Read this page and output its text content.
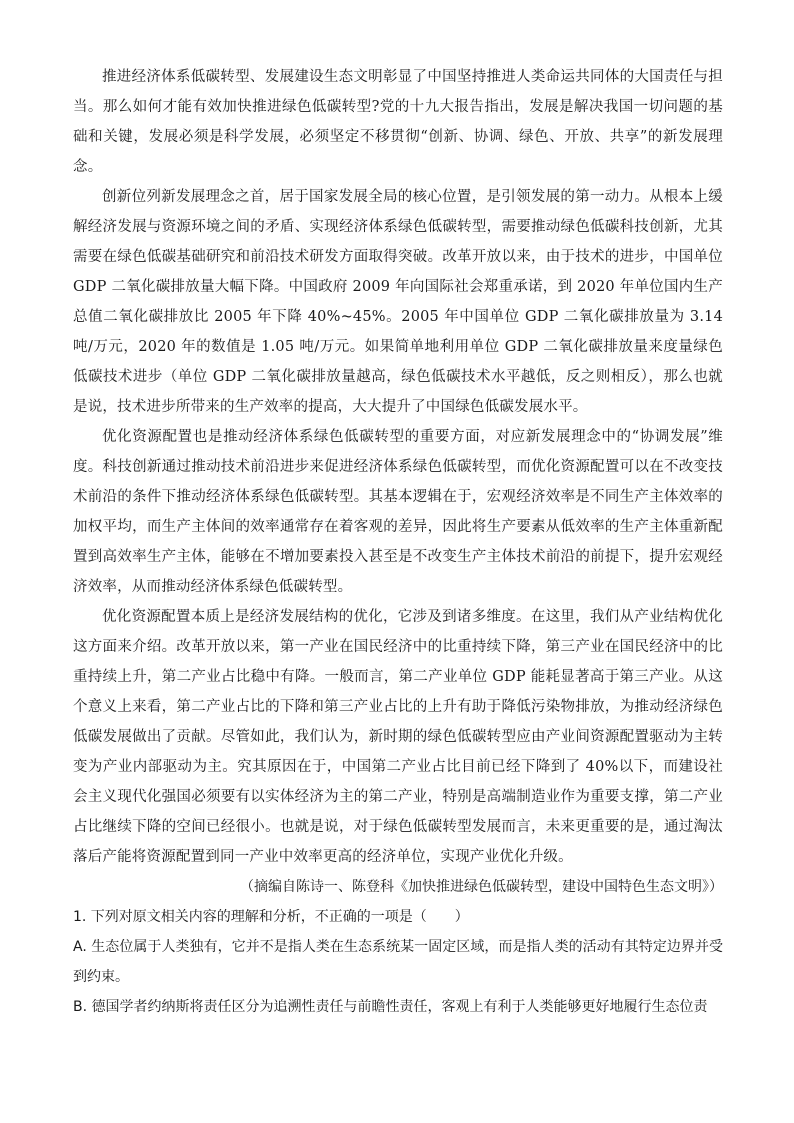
推进经济体系低碳转型、发展建设生态文明彰显了中国坚持推进人类命运共同体的大国责任与担当。那么如何才能有效加快推进绿色低碳转型?党的十九大报告指出，发展是解决我国一切问题的基础和关键，发展必须是科学发展，必须坚定不移贯彻“创新、协调、绿色、开放、共享”的新发展理念。

创新位列新发展理念之首，居于国家发展全局的核心位置，是引领发展的第一动力。从根本上缓解经济发展与资源环境之间的矛盾、实现经济体系绿色低碳转型，需要推动绿色低碳科技创新，尤其需要在绿色低碳基础研究和前沿技术研发方面取得突破。改革开放以来，由于技术的进步，中国单位 GDP 二氧化碳排放量大幅下降。中国政府 2009 年向国际社会郑重承诺，到 2020 年单位国内生产总值二氧化碳排放比 2005 年下降 40%~45%。2005 年中国单位 GDP 二氧化碳排放量为 3.14 吨/万元，2020 年的数值是 1.05 吨/万元。如果简单地利用单位 GDP 二氧化碳排放量来度量绿色低碳技术进步（单位 GDP 二氧化碳排放量越高，绿色低碳技术水平越低，反之则相反），那么也就是说，技术进步所带来的生产效率的提高，大大提升了中国绿色低碳发展水平。

优化资源配置也是推动经济体系绿色低碳转型的重要方面，对应新发展理念中的“协调发展”维度。科技创新通过推动技术前沿进步来促进经济体系绿色低碳转型，而优化资源配置可以在不改变技术前沿的条件下推动经济体系绿色低碳转型。其基本逻辑在于，宏观经济效率是不同生产主体效率的加权平均，而生产主体间的效率通常存在着客观的差异，因此将生产要素从低效率的生产主体重新配置到高效率生产主体，能够在不增加要素投入甚至是不改变生产主体技术前沿的前提下，提升宏观经济效率，从而推动经济体系绿色低碳转型。

优化资源配置本质上是经济发展结构的优化，它涉及到诸多维度。在这里，我们从产业结构优化这方面来介绍。改革开放以来，第一产业在国民经济中的比重持续下降，第三产业在国民经济中的比重持续上升，第二产业占比稳中有降。一般而言，第二产业单位 GDP 能耗显著高于第三产业。从这个意义上来看，第二产业占比的下降和第三产业占比的上升有助于降低污染物排放，为推动经济绿色低碳发展做出了贡献。尽管如此，我们认为，新时期的绿色低碳转型应由产业间资源配置驱动为主转变为产业内部驱动为主。究其原因在于，中国第二产业占比目前已经下降到了 40%以下，而建设社会主义现代化强国必须要有以实体经济为主的第二产业，特别是高端制造业作为重要支撑，第二产业占比继续下降的空间已经很小。也就是说，对于绿色低碳转型发展而言，未来更重要的是，通过淘汰落后产能将资源配置到同一产业中效率更高的经济单位，实现产业优化升级。

（摘编自陈诗一、陈登科《加快推进绿色低碳转型，建设中国特色生态文明》）

1. 下列对原文相关内容的理解和分析，不正确的一项是（　　）

A. 生态位属于人类独有，它并不是指人类在生态系统某一固定区域，而是指人类的活动有其特定边界并受到约束。

B. 德国学者约纳斯将责任区分为追溯性责任与前瞻性责任，客观上有利于人类能够更好地履行生态位责
